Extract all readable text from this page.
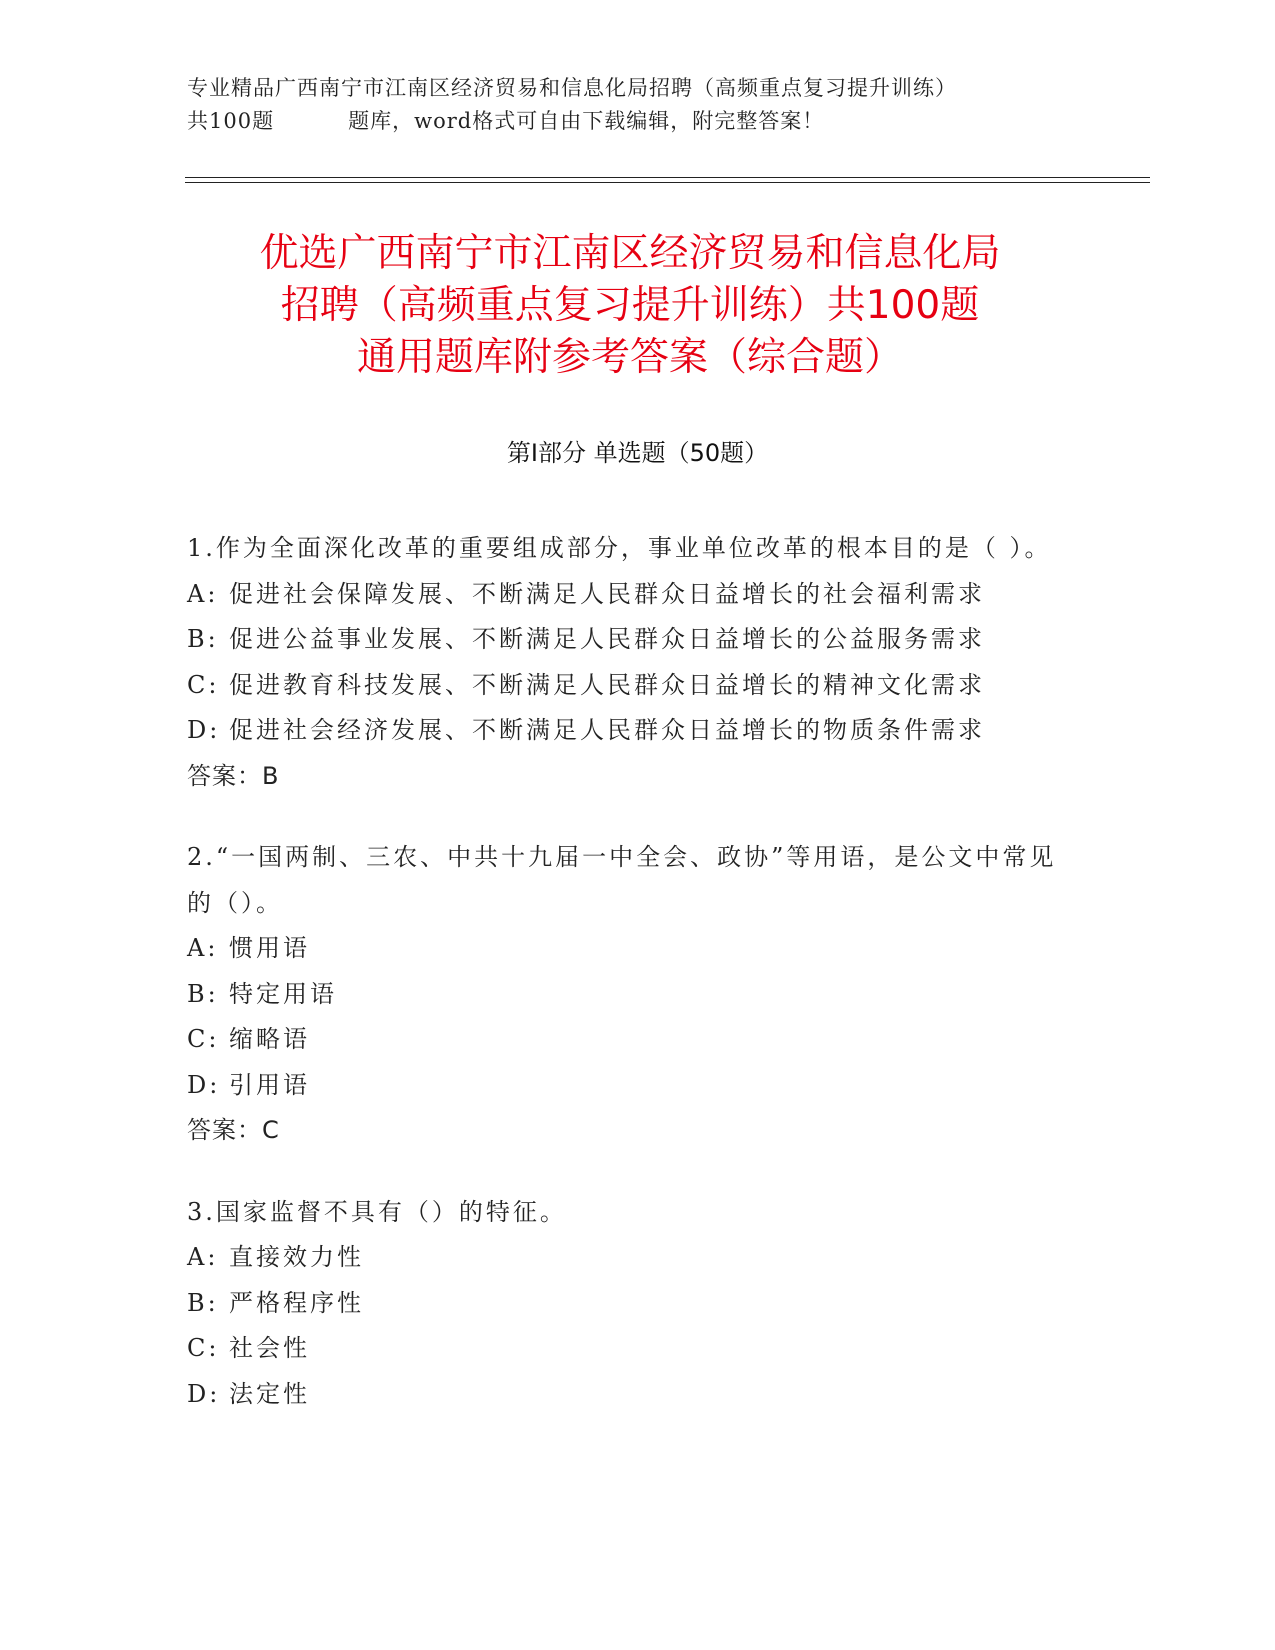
专业精品广西南宁市江南区经济贸易和信息化局招聘（高频重点复习提升训练）
共100题	题库，word格式可自由下载编辑，附完整答案！
优选广西南宁市江南区经济贸易和信息化局
招聘（高频重点复习提升训练）共100题
通用题库附参考答案（综合题）
第Ⅰ部分 单选题（50题）
1.作为全面深化改革的重要组成部分，事业单位改革的根本目的是（ ）。
A: 促进社会保障发展、不断满足人民群众日益增长的社会福利需求
B: 促进公益事业发展、不断满足人民群众日益增长的公益服务需求
C: 促进教育科技发展、不断满足人民群众日益增长的精神文化需求
D: 促进社会经济发展、不断满足人民群众日益增长的物质条件需求
答案：B
2.“一国两制、三农、中共十九届一中全会、政协”等用语，是公文中常见的（）。
A: 惯用语
B: 特定用语
C: 缩略语
D: 引用语
答案：C
3.国家监督不具有（）的特征。
A: 直接效力性
B: 严格程序性
C: 社会性
D: 法定性
